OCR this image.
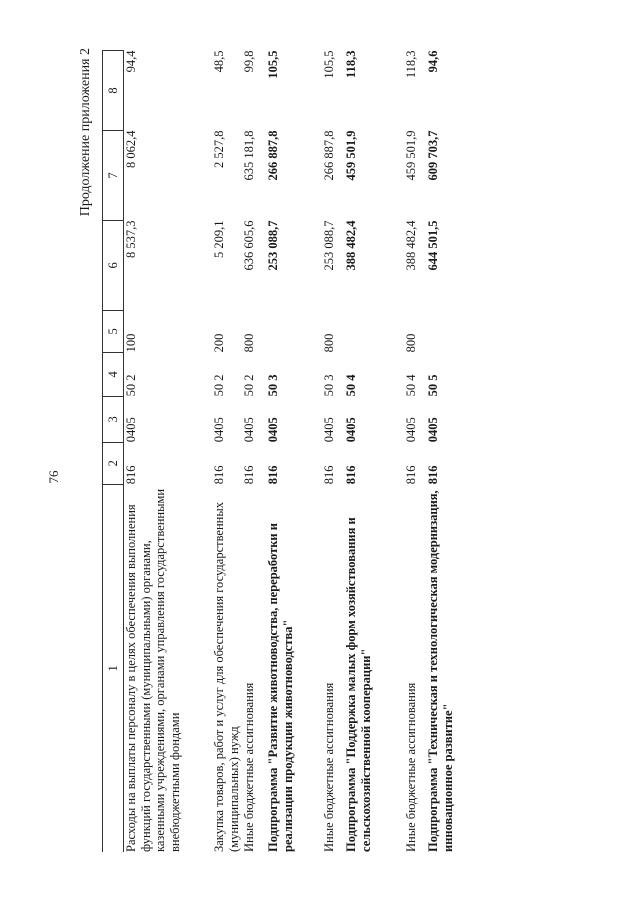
76
Продолжение приложения 2
1	2	3	4	5	6	7	8
Расходы на выплаты персоналу в целях обеспечения выполнения функций государственными (муниципальными) органами, казенными учреждениями, органами управления государственными внебюджетными фондами	816	0405	50 2	100	8 537,3	8 062,4	94,4
Закупка товаров, работ и услуг для обеспечения государственных (муниципальных) нужд	816	0405	50 2	200	5 209,1	2 527,8	48,5
Иные бюджетные ассигнования	816	0405	50 2	800	636 605,6	635 181,8	99,8
Подпрограмма "Развитие животноводства, переработки и реализации продукции животноводства"	816	0405	50 3		253 088,7	266 887,8	105,5
Иные бюджетные ассигнования	816	0405	50 3	800	253 088,7	266 887,8	105,5
Подпрограмма "Поддержка малых форм хозяйствования и сельскохозяйственной кооперации"	816	0405	50 4		388 482,4	459 501,9	118,3
Иные бюджетные ассигнования	816	0405	50 4	800	388 482,4	459 501,9	118,3
Подпрограмма "Техническая и технологическая модернизация, инновационное развитие"	816	0405	50 5		644 501,5	609 703,7	94,6
